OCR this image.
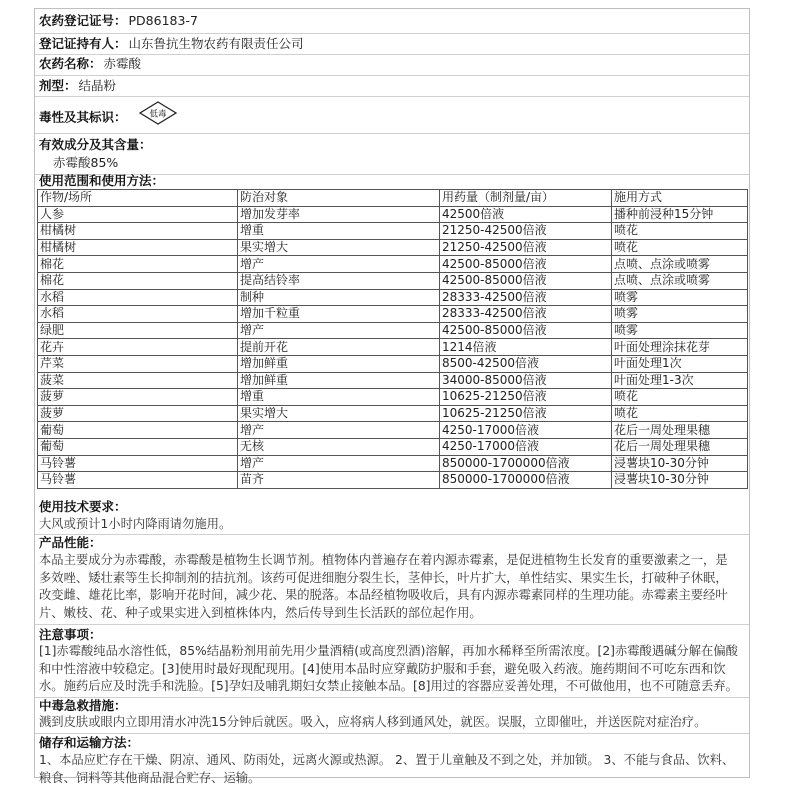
农药登记证号： PD86183-7
登记证持有人： 山东鲁抗生物农药有限责任公司
农药名称： 赤霉酸
剂型： 结晶粉
毒性及其标识：	低毒
有效成分及其含量：
赤霉酸85%
使用范围和使用方法：
作物/场所	防治对象	用药量（制剂量/亩）	施用方式
人参	增加发芽率	42500倍液	播种前浸种15分钟
柑橘树	增重	21250-42500倍液	喷花
柑橘树	果实增大	21250-42500倍液	喷花
棉花	增产	42500-85000倍液	点喷、点涂或喷雾
棉花	提高结铃率	42500-85000倍液	点喷、点涂或喷雾
水稻	制种	28333-42500倍液	喷雾
水稻	增加千粒重	28333-42500倍液	喷雾
绿肥	增产	42500-85000倍液	喷雾
花卉	提前开花	1214倍液	叶面处理涂抹花芽
芹菜	增加鲜重	8500-42500倍液	叶面处理1次
菠菜	增加鲜重	34000-85000倍液	叶面处理1-3次
菠萝	增重	10625-21250倍液	喷花
菠萝	果实增大	10625-21250倍液	喷花
葡萄	增产	4250-17000倍液	花后一周处理果穗
葡萄	无核	4250-17000倍液	花后一周处理果穗
马铃薯	增产	850000-1700000倍液	浸薯块10-30分钟
马铃薯	苗齐	850000-1700000倍液	浸薯块10-30分钟
使用技术要求：
大风或预计1小时内降雨请勿施用。
产品性能：
本品主要成分为赤霉酸，赤霉酸是植物生长调节剂。植物体内普遍存在着内源赤霉素，是促进植物生长发育的重要激素之一，是
多效唑、矮壮素等生长抑制剂的拮抗剂。该药可促进细胞分裂生长，茎伸长，叶片扩大，单性结实、果实生长，打破种子休眠，
改变雌、雄花比率，影响开花时间，减少花、果的脱落。本品经植物吸收后，具有内源赤霉素同样的生理功能。赤霉素主要经叶
片、嫩枝、花、种子或果实进入到植株体内，然后传导到生长活跃的部位起作用。
注意事项：
[1]赤霉酸纯品水溶性低，85%结晶粉剂用前先用少量酒精(或高度烈酒)溶解，再加水稀释至所需浓度。[2]赤霉酸遇碱分解在偏酸
和中性溶液中较稳定。[3]使用时最好现配现用。[4]使用本品时应穿戴防护服和手套，避免吸入药液。施药期间不可吃东西和饮
水。施药后应及时洗手和洗脸。[5]孕妇及哺乳期妇女禁止接触本品。[8]用过的容器应妥善处理，不可做他用，也不可随意丢弃。
中毒急救措施：
溅到皮肤或眼内立即用清水冲洗15分钟后就医。吸入，应将病人移到通风处，就医。误服，立即催吐，并送医院对症治疗。
储存和运输方法：
1、本品应贮存在干燥、阴凉、通风、防雨处，远离火源或热源。 2、置于儿童触及不到之处，并加锁。 3、不能与食品、饮料、
粮食、饲料等其他商品混合贮存、运输。
